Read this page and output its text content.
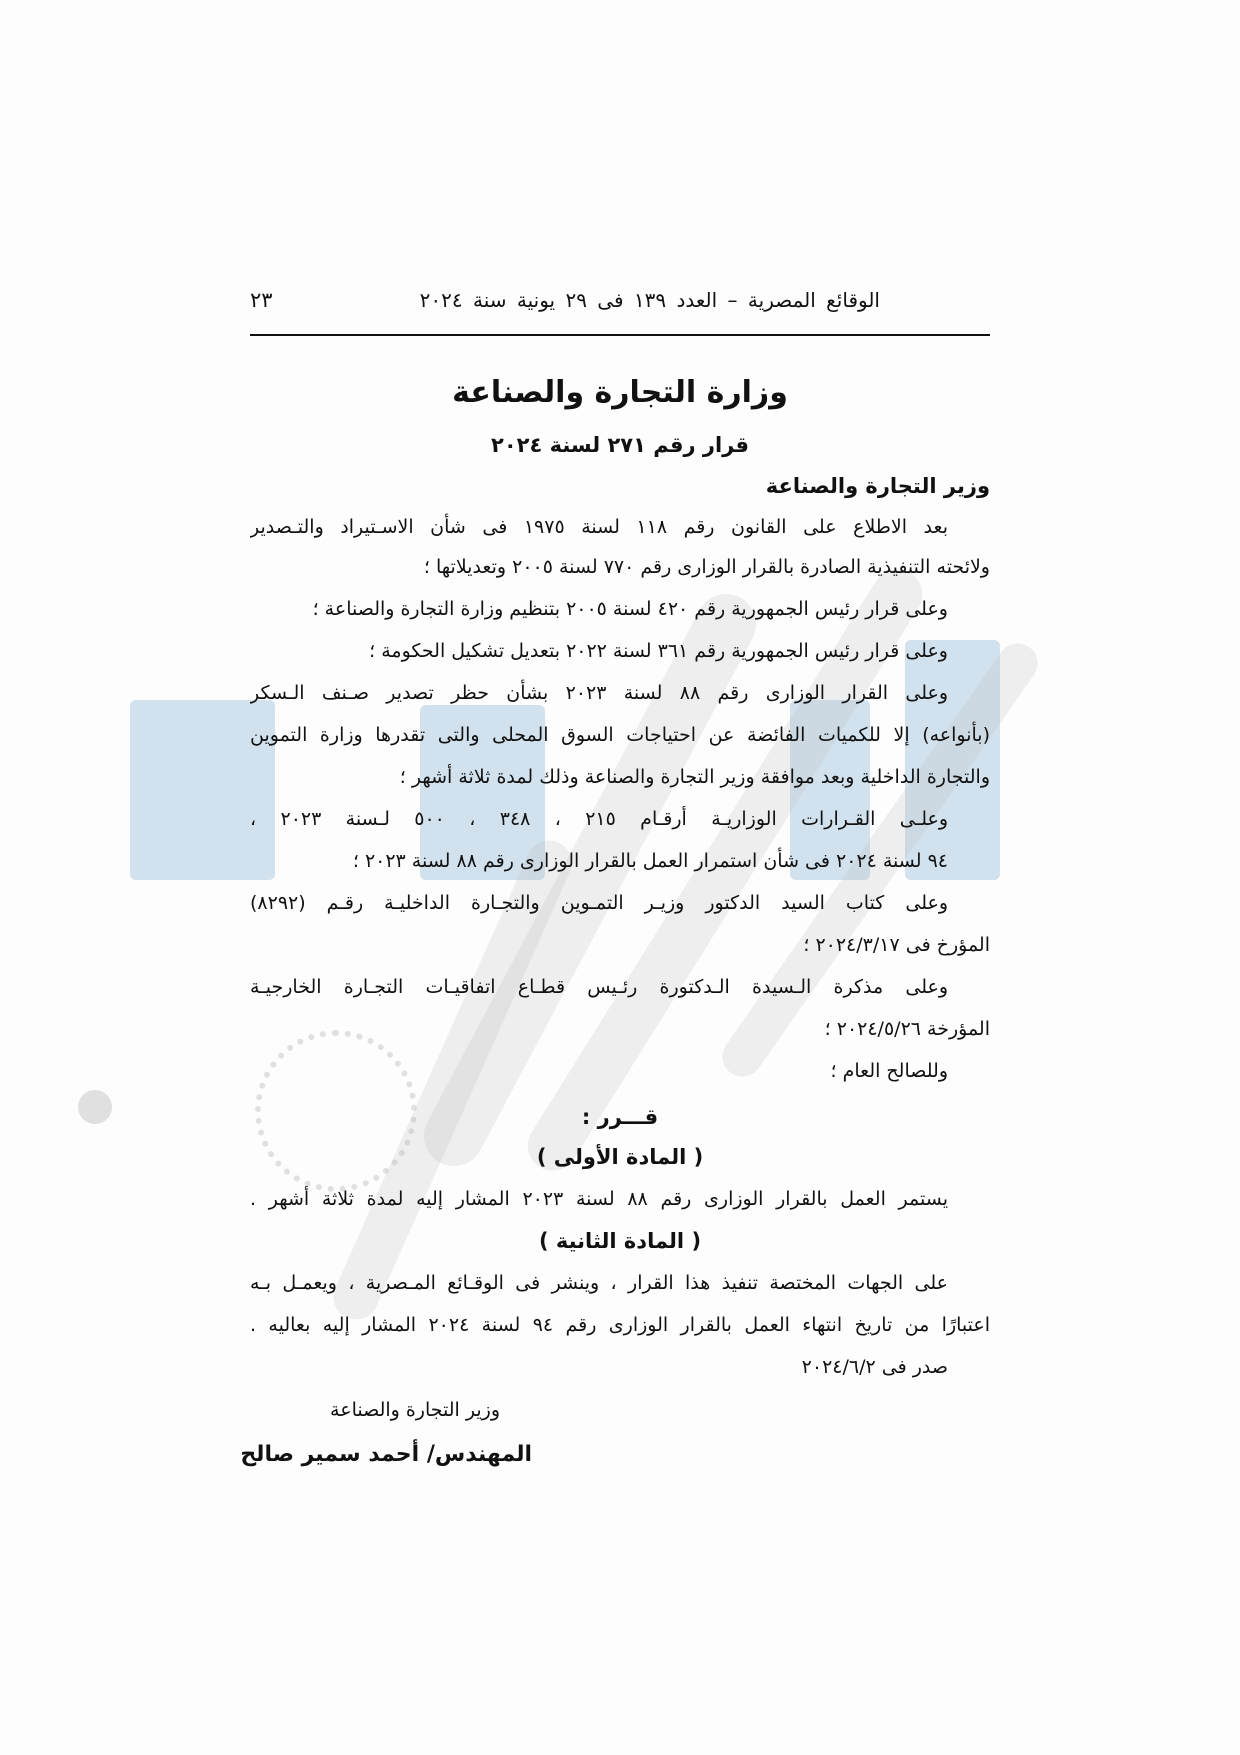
الوقائع المصرية – العدد ١٣٩ فى ٢٩ يونية سنة ٢٠٢٤
٢٣
وزارة التجارة والصناعة
قرار رقم ٢٧١ لسنة ٢٠٢٤
وزير التجارة والصناعة
بعد الاطلاع على القانون رقم ١١٨ لسنة ١٩٧٥ فى شأن الاسـتيراد والتـصدير
ولائحته التنفيذية الصادرة بالقرار الوزارى رقم ٧٧٠ لسنة ٢٠٠٥ وتعديلاتها ؛
وعلى قرار رئيس الجمهورية رقم ٤٢٠ لسنة ٢٠٠٥ بتنظيم وزارة التجارة والصناعة ؛
وعلى قرار رئيس الجمهورية رقم ٣٦١ لسنة ٢٠٢٢ بتعديل تشكيل الحكومة ؛
وعلى القرار الوزارى رقم ٨٨ لسنة ٢٠٢٣ بشأن حظر تصدير صـنف الـسكر
(بأنواعه) إلا للكميات الفائضة عن احتياجات السوق المحلى والتى تقدرها وزارة التموين
والتجارة الداخلية وبعد موافقة وزير التجارة والصناعة وذلك لمدة ثلاثة أشهر ؛
وعلـى القـرارات الوزاريـة أرقـام ٢١٥ ، ٣٤٨ ، ٥٠٠ لـسنة ٢٠٢٣ ،
٩٤ لسنة ٢٠٢٤ فى شأن استمرار العمل بالقرار الوزارى رقم ٨٨ لسنة ٢٠٢٣ ؛
وعلى كتاب السيد الدكتور وزيـر التمـوين والتجـارة الداخليـة رقـم (٨٢٩٢)
المؤرخ فى ٢٠٢٤/٣/١٧ ؛
وعلى مذكرة الـسيدة الـدكتورة رئـيس قطـاع اتفاقيـات التجـارة الخارجيـة
المؤرخة ٢٠٢٤/٥/٢٦ ؛
وللصالح العام ؛
قـــرر :
( المادة الأولى )
يستمر العمل بالقرار الوزارى رقم ٨٨ لسنة ٢٠٢٣ المشار إليه لمدة ثلاثة أشهر .
( المادة الثانية )
على الجهات المختصة تنفيذ هذا القرار ، وينشر فى الوقـائع المـصرية ، ويعمـل بـه
اعتبارًا من تاريخ انتهاء العمل بالقرار الوزارى رقم ٩٤ لسنة ٢٠٢٤ المشار إليه بعاليه .
صدر فى ٢٠٢٤/٦/٢
وزير التجارة والصناعة
المهندس/ أحمد سمير صالح
